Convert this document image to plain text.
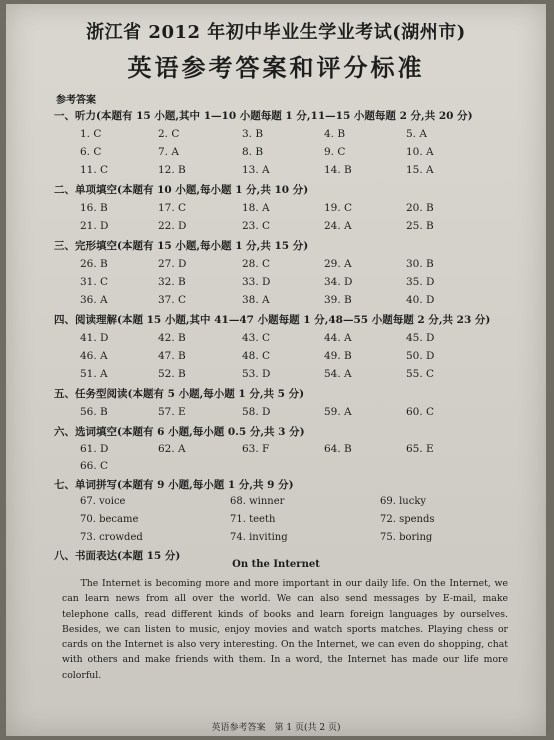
浙江省 2012 年初中毕业生学业考试(湖州市)
英语参考答案和评分标准
参考答案
一、听力(本题有 15 小题,其中 1—10 小题每题 1 分,11—15 小题每题 2 分,共 20 分)
1. C	2. C	3. B	4. B	5. A
6. C	7. A	8. B	9. C	10. A
11. C	12. B	13. A	14. B	15. A
二、单项填空(本题有 10 小题,每小题 1 分,共 10 分)
16. B	17. C	18. A	19. C	20. B
21. D	22. D	23. C	24. A	25. B
三、完形填空(本题有 15 小题,每小题 1 分,共 15 分)
26. B	27. D	28. C	29. A	30. B
31. C	32. B	33. D	34. D	35. D
36. A	37. C	38. A	39. B	40. D
四、阅读理解(本题 15 小题,其中 41—47 小题每题 1 分,48—55 小题每题 2 分,共 23 分)
41. D	42. B	43. C	44. A	45. D
46. A	47. B	48. C	49. B	50. D
51. A	52. B	53. D	54. A	55. C
五、任务型阅读(本题有 5 小题,每小题 1 分,共 5 分)
56. B	57. E	58. D	59. A	60. C
六、选词填空(本题有 6 小题,每小题 0.5 分,共 3 分)
61. D	62. A	63. F	64. B	65. E
66. C
七、单词拼写(本题有 9 小题,每小题 1 分,共 9 分)
67. voice	68. winner	69. lucky
70. became	71. teeth	72. spends
73. crowded	74. inviting	75. boring
八、书面表达(本题 15 分)
On the Internet
The Internet is becoming more and more important in our daily life. On the Internet, we can learn news from all over the world. We can also send messages by E-mail, make telephone calls, read different kinds of books and learn foreign languages by ourselves. Besides, we can listen to music, enjoy movies and watch sports matches. Playing chess or cards on the Internet is also very interesting. On the Internet, we can even do shopping, chat with others and make friends with them. In a word, the Internet has made our life more colorful.
英语参考答案　第 1 页(共 2 页)
